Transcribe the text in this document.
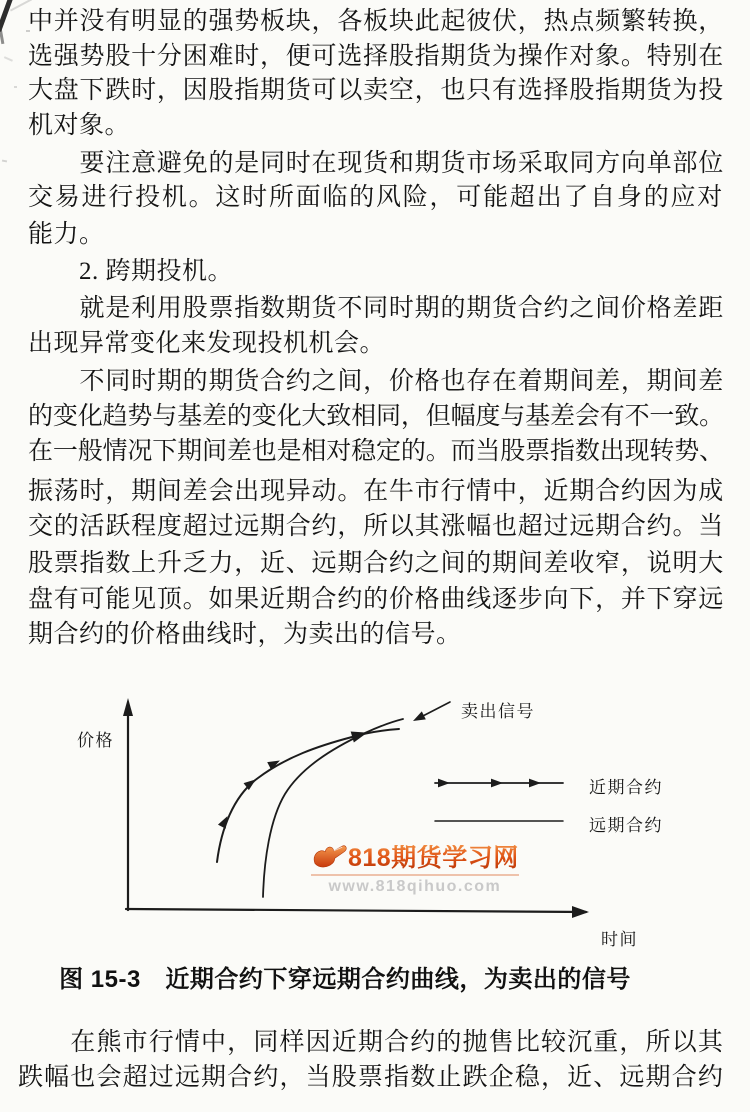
中并没有明显的强势板块，各板块此起彼伏，热点频繁转换，
选强势股十分困难时，便可选择股指期货为操作对象。特别在
大盘下跌时，因股指期货可以卖空，也只有选择股指期货为投
机对象。
　　要注意避免的是同时在现货和期货市场采取同方向单部位
交易进行投机。这时所面临的风险，可能超出了自身的应对
能力。
　　2. 跨期投机。
　　就是利用股票指数期货不同时期的期货合约之间价格差距
出现异常变化来发现投机机会。
　　不同时期的期货合约之间，价格也存在着期间差，期间差
的变化趋势与基差的变化大致相同，但幅度与基差会有不一致。
在一般情况下期间差也是相对稳定的。而当股票指数出现转势、
振荡时，期间差会出现异动。在牛市行情中，近期合约因为成
交的活跃程度超过远期合约，所以其涨幅也超过远期合约。当
股票指数上升乏力，近、远期合约之间的期间差收窄，说明大
盘有可能见顶。如果近期合约的价格曲线逐步向下，并下穿远
期合约的价格曲线时，为卖出的信号。
　　在熊市行情中，同样因近期合约的抛售比较沉重，所以其
跌幅也会超过远期合约，当股票指数止跌企稳，近、远期合约
价格
时间
卖出信号
近期合约
远期合约
图 15-3　近期合约下穿远期合约曲线，为卖出的信号
818期货学习网
www.818qihuo.com
